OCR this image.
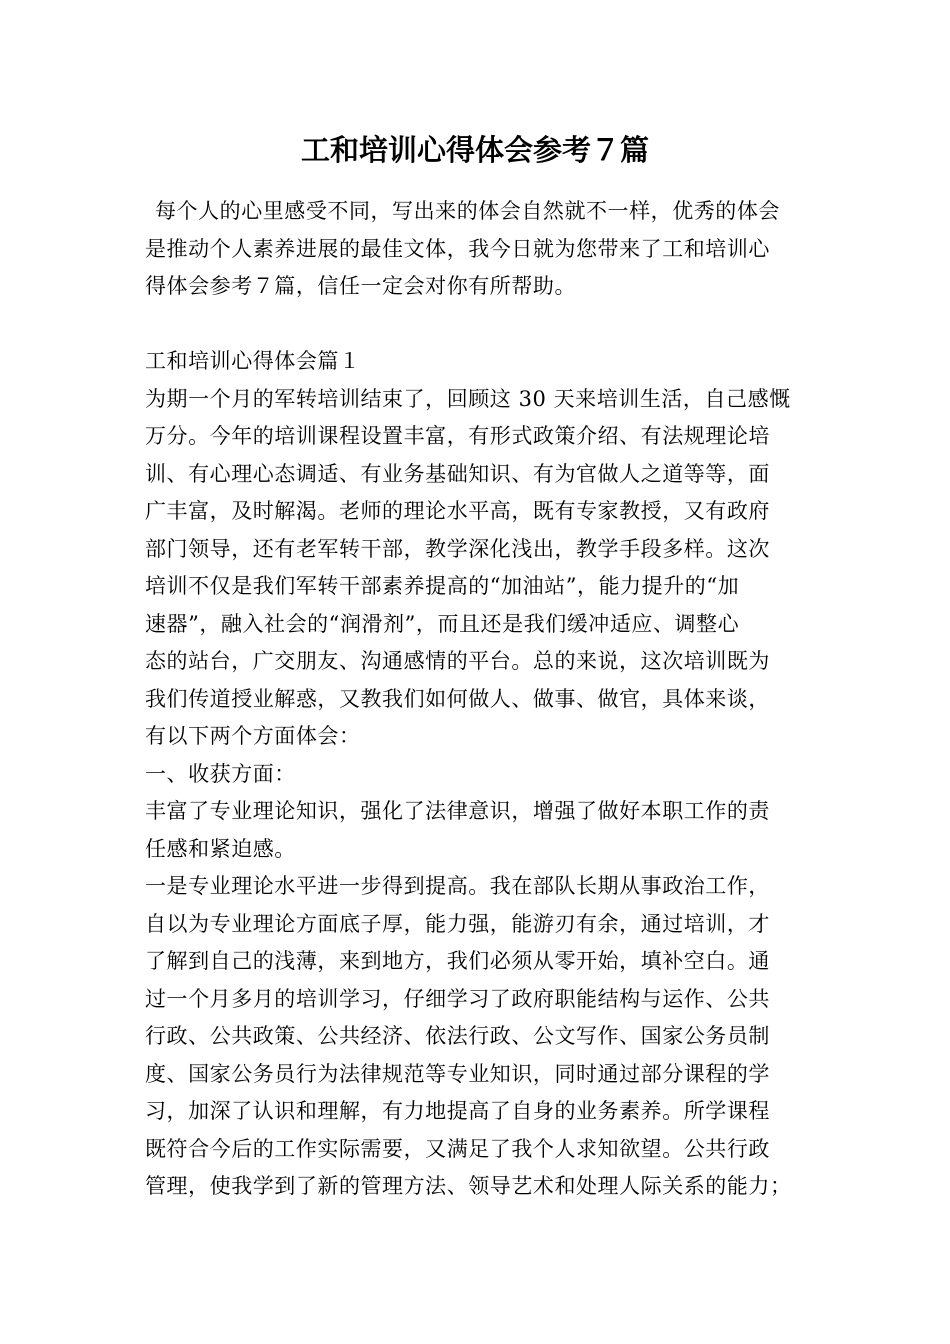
工和培训心得体会参考７篇
每个人的心里感受不同，写出来的体会自然就不一样，优秀的体会
是推动个人素养进展的最佳文体，我今日就为您带来了工和培训心
得体会参考７篇，信任一定会对你有所帮助。
工和培训心得体会篇１
为期一个月的军转培训结束了，回顾这 30 天来培训生活，自己感慨
万分。今年的培训课程设置丰富，有形式政策介绍、有法规理论培
训、有心理心态调适、有业务基础知识、有为官做人之道等等，面
广丰富，及时解渴。老师的理论水平高，既有专家教授，又有政府
部门领导，还有老军转干部，教学深化浅出，教学手段多样。这次
培训不仅是我们军转干部素养提高的“加油站”，能力提升的“加
速器”，融入社会的“润滑剂”，而且还是我们缓冲适应、调整心
态的站台，广交朋友、沟通感情的平台。总的来说，这次培训既为
我们传道授业解惑，又教我们如何做人、做事、做官，具体来谈，
有以下两个方面体会：
一、收获方面：
丰富了专业理论知识，强化了法律意识，增强了做好本职工作的责
任感和紧迫感。
一是专业理论水平进一步得到提高。我在部队长期从事政治工作，
自以为专业理论方面底子厚，能力强，能游刃有余，通过培训，才
了解到自己的浅薄，来到地方，我们必须从零开始，填补空白。通
过一个月多月的培训学习，仔细学习了政府职能结构与运作、公共
行政、公共政策、公共经济、依法行政、公文写作、国家公务员制
度、国家公务员行为法律规范等专业知识，同时通过部分课程的学
习，加深了认识和理解，有力地提高了自身的业务素养。所学课程
既符合今后的工作实际需要，又满足了我个人求知欲望。公共行政
管理，使我学到了新的管理方法、领导艺术和处理人际关系的能力；
